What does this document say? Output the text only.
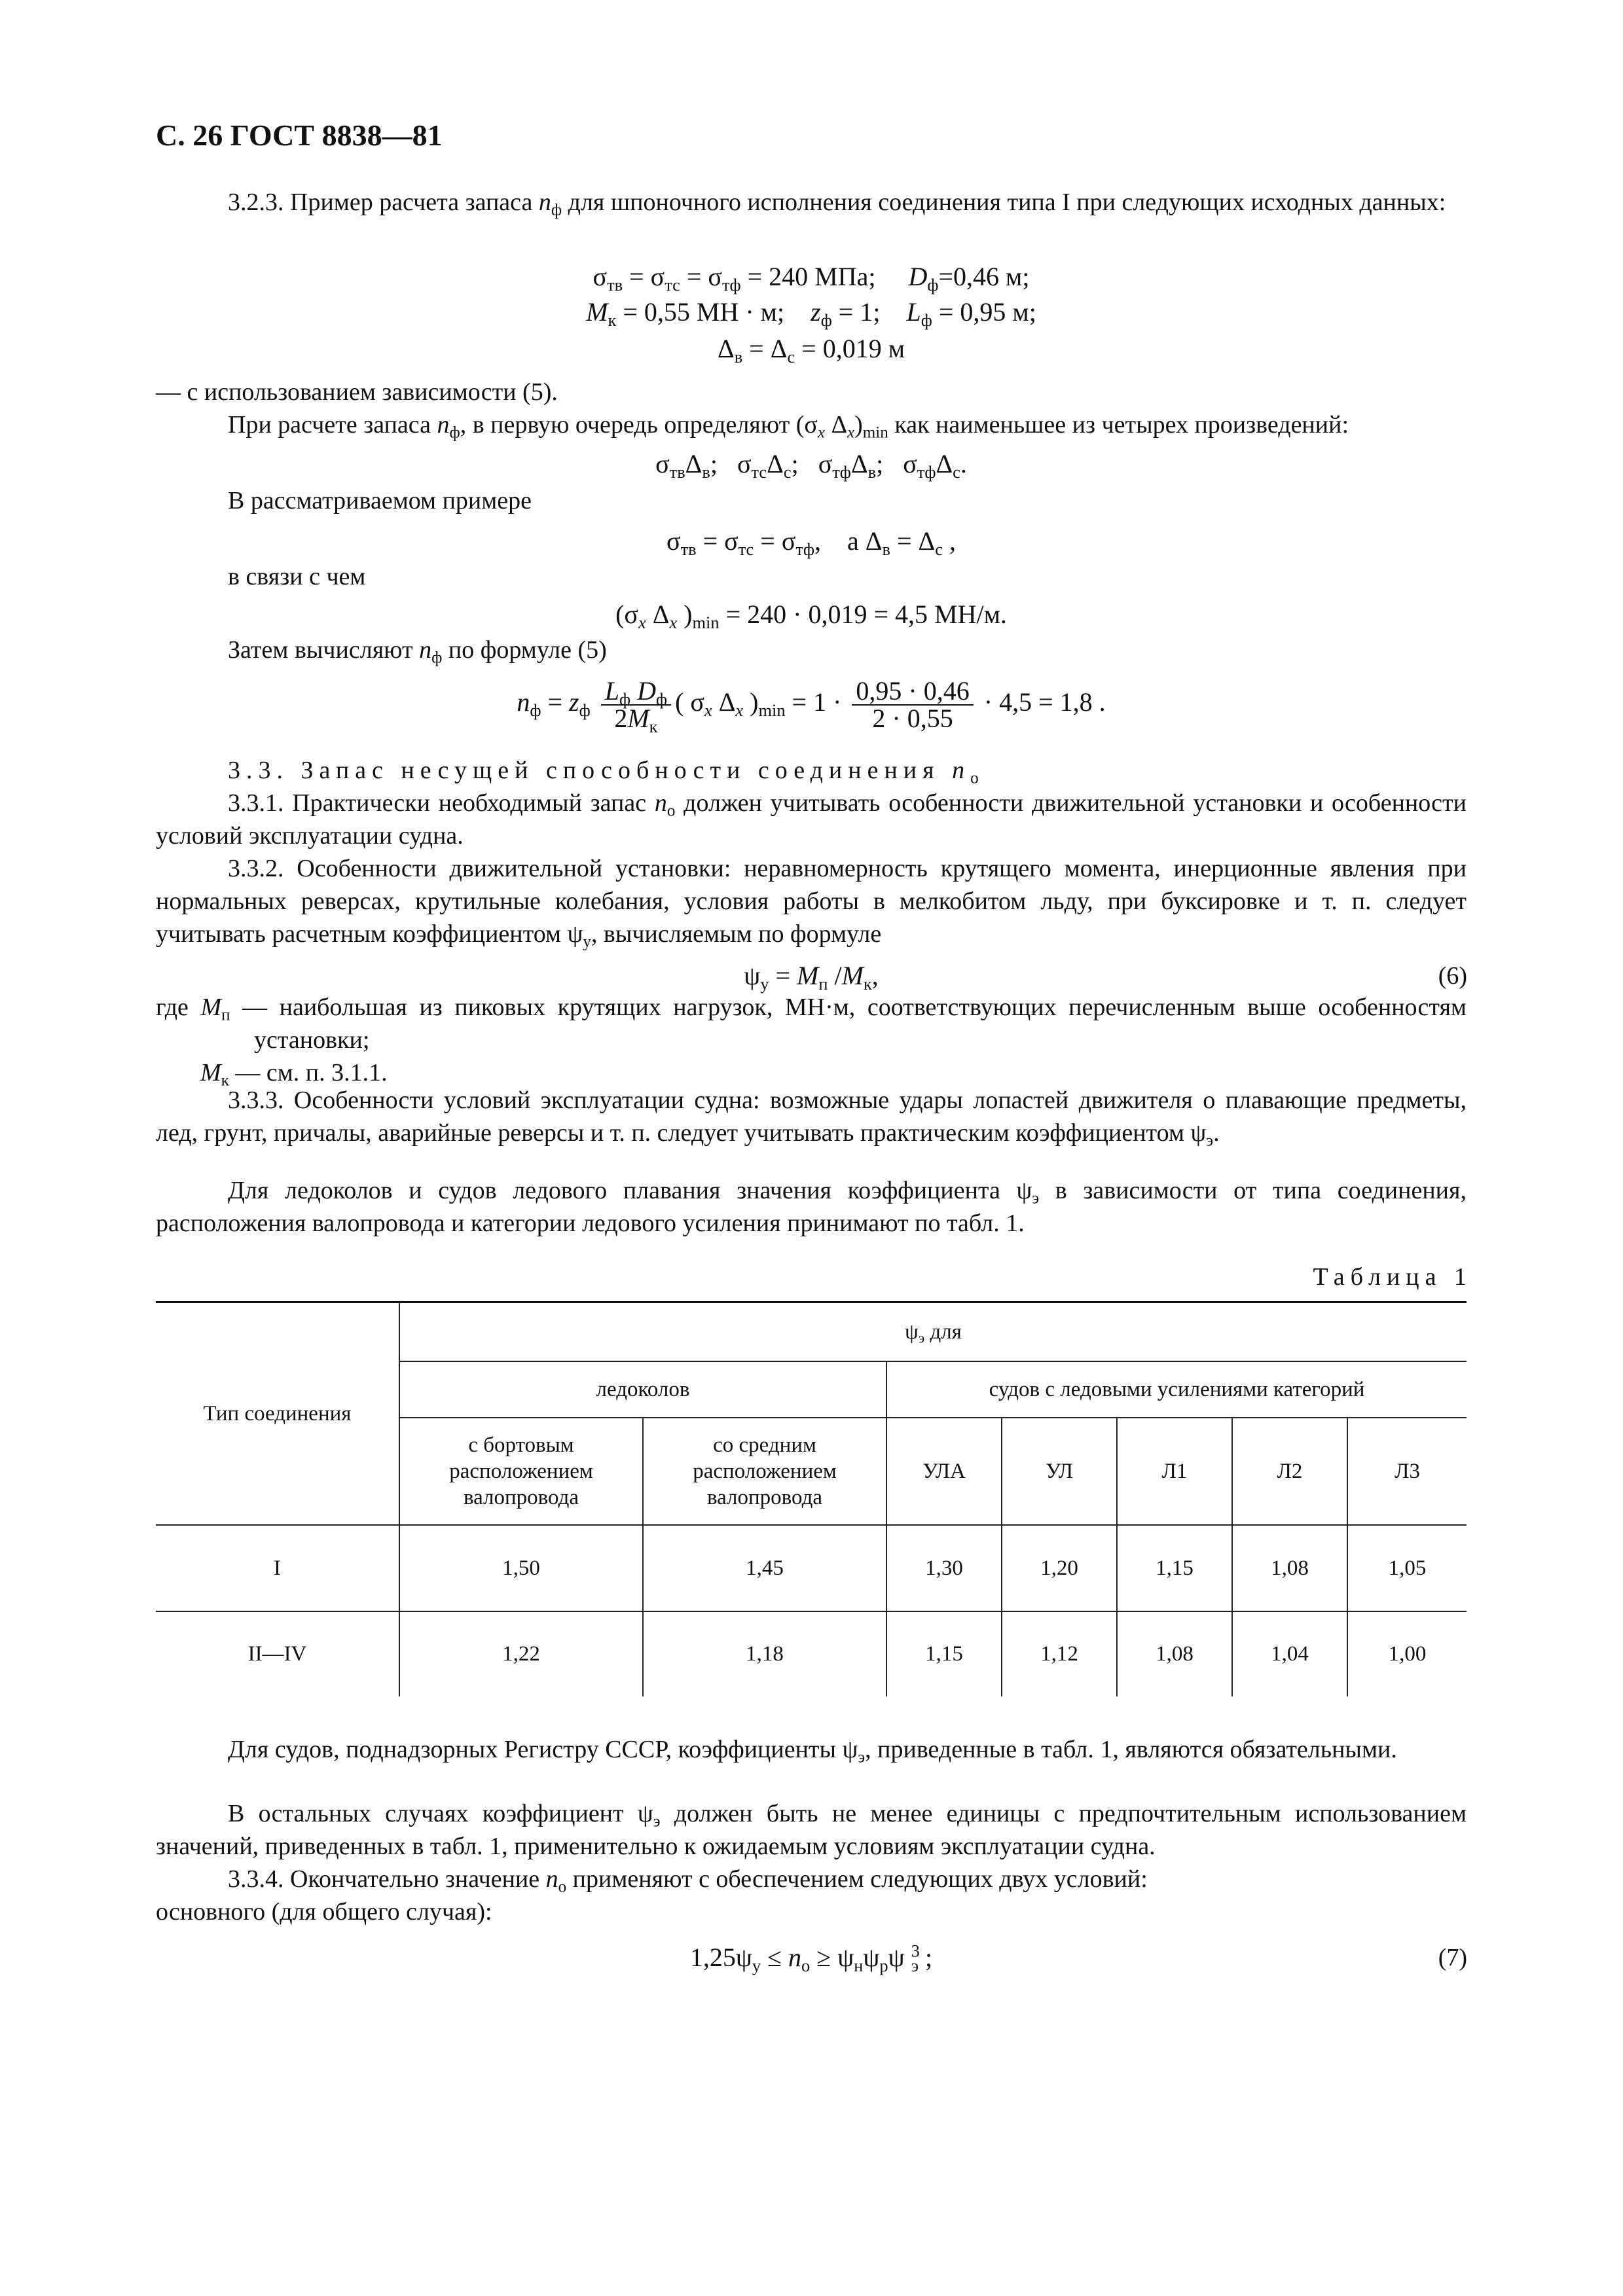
С. 26 ГОСТ 8838—81

3.2.3. Пример расчета запаса $n_ф$ для шпоночного исполнения соединения типа I при следующих исходных данных:

$\sigma_{тв} = \sigma_{тс} = \sigma_{тф} = 240$ МПа; $D_ф=0,46$ м;
$M_к = 0,55$ МН · м; $z_ф = 1$; $L_ф = 0,95$ м;
$\Delta_в = \Delta_с = 0,019$ м

— с использованием зависимости (5).

При расчете запаса $n_ф$, в первую очередь определяют ($\sigma_x$ $\Delta_x)_{min}$ как наименьшее из четырех произведений:

$\sigma_{тв}\Delta_в$;   $\sigma_{тс}\Delta_с$;   $\sigma_{тф}\Delta_в$;   $\sigma_{тф}\Delta_с$.

В рассматриваемом примере

$\sigma_{тв} = \sigma_{тс} = \sigma_{тф}$,    а $\Delta_в = \Delta_с$ ,

в связи с чем

($\sigma_x$ $\Delta_x$ )$_{min} = 240 \cdot 0,019 = 4,5$ МН/м.

Затем вычисляют $n_ф$ по формуле (5)

$n_ф = z_ф \frac{L_ф D_ф}{2M_к}$ ( $\sigma_x$ $\Delta_x$ )$_{min} = 1 \cdot \frac{0,95 \cdot 0,46}{2 \cdot 0,55} \cdot 4,5 = 1,8$ .

3.3. Запас несущей способности соединения $n_о$

3.3.1. Практически необходимый запас $n_о$ должен учитывать особенности движительной установки и особенности условий эксплуатации судна.

3.3.2. Особенности движительной установки: неравномерность крутящего момента, инерционные явления при нормальных реверсах, крутильные колебания, условия работы в мелкобитом льду, при буксировке и т. п. следует учитывать расчетным коэффициентом $\psi_у$, вычисляемым по формуле

$\psi_у = M_п$ $/M_к$,	(6)

где $M_п$ — наибольшая из пиковых крутящих нагрузок, МН·м, соответствующих перечисленным выше особенностям установки;

$M_к$ — см. п. 3.1.1.

3.3.3. Особенности условий эксплуатации судна: возможные удары лопастей движителя о плавающие предметы, лед, грунт, причалы, аварийные реверсы и т. п. следует учитывать практическим коэффициентом $\psi_э$.

Для ледоколов и судов ледового плавания значения коэффициента $\psi_э$ в зависимости от типа соединения, расположения валопровода и категории ледового усиления принимают по табл. 1.

Таблица 1
Тип соединения	$\psi_э$ для						
	ледоколов		судов с ледовыми усилениями категорий				
	с бортовым расположением валопровода	со средним расположением валопровода	УЛА	УЛ	Л1	Л2	Л3
I	1,50	1,45	1,30	1,20	1,15	1,08	1,05
II—IV	1,22	1,18	1,15	1,12	1,08	1,04	1,00

Для судов, поднадзорных Регистру СССР, коэффициенты $\psi_э$, приведенные в табл. 1, являются обязательными.

В остальных случаях коэффициент $\psi_э$ должен быть не менее единицы с предпочтительным использованием значений, приведенных в табл. 1, применительно к ожидаемым условиям эксплуатации судна.

3.3.4. Окончательно значение $n_о$ применяют с обеспечением следующих двух условий:

основного (для общего случая):

$1,25\psi_у \le n_о \ge \psi_н\psi_р\psi$ $^3_э$ ;	(7)
